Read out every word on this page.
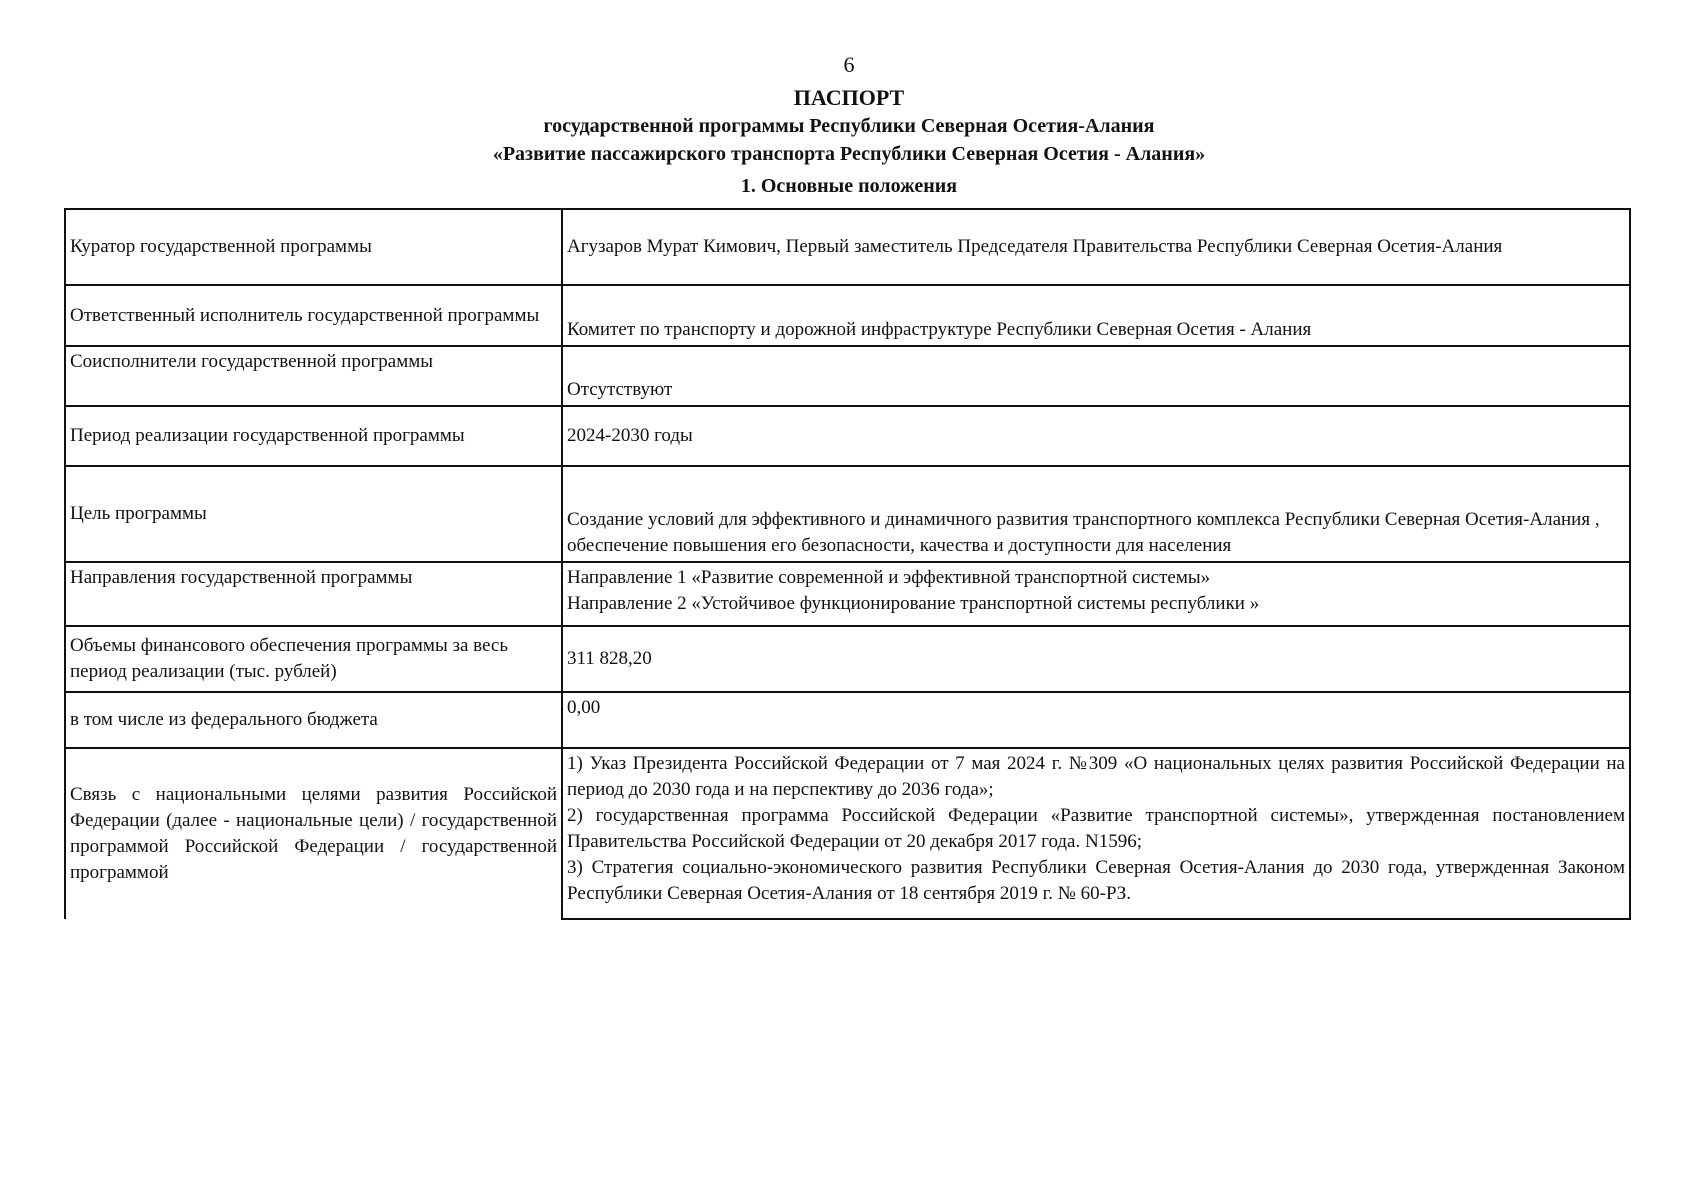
6
ПАСПОРТ
государственной программы Республики Северная Осетия-Алания
«Развитие пассажирского транспорта Республики Северная Осетия - Алания»
1. Основные положения
Куратор государственной программы	Агузаров Мурат Кимович, Первый заместитель Председателя Правительства Республики Северная Осетия-Алания
Ответственный исполнитель государственной программы	Комитет по транспорту и дорожной инфраструктуре Республики Северная Осетия - Алания
Соисполнители государственной программы	Отсутствуют
Период реализации государственной программы	2024-2030 годы
Цель программы	Создание условий для эффективного и динамичного развития транспортного комплекса Республики Северная Осетия-Алания , обеспечение повышения его безопасности, качества и доступности для населения
Направления государственной программы	Направление 1 «Развитие современной и эффективной транспортной системы»
Направление 2 «Устойчивое функционирование транспортной системы республики »

Объемы финансового обеспечения программы за весь период реализации (тыс. рублей)	311 828,20
в том числе из федерального бюджета	0,00
Связь с национальными целями развития Российской Федерации (далее - национальные цели) / государственной программой Российской Федерации / государственной программой	1) Указ Президента Российской Федерации от 7 мая 2024 г. №309 «О национальных целях развития Российской Федерации на период до 2030 года и на перспективу до 2036 года»;
2) государственная программа Российской Федерации «Развитие транспортной системы», утвержденная постановлением Правительства Российской Федерации от 20 декабря 2017 года. N1596;
3) Стратегия социально-экономического развития Республики Северная Осетия-Алания до 2030 года, утвержденная Законом Республики Северная Осетия-Алания от 18 сентября 2019 г. № 60-РЗ.
